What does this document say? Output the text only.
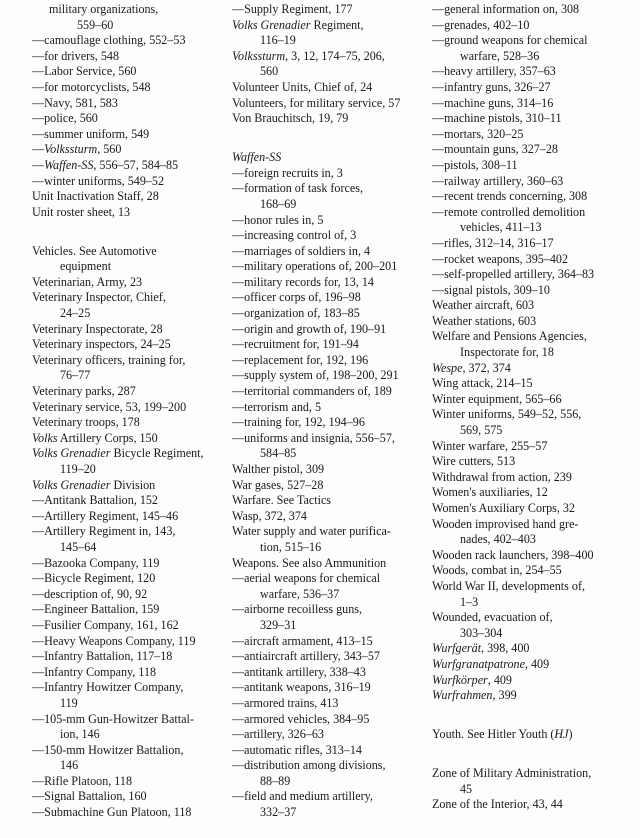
military organizations,
559–60

—camouflage clothing, 552–53

—for drivers, 548

—Labor Service, 560

—for motorcyclists, 548

—Navy, 581, 583

—police, 560

—summer uniform, 549

—Volkssturm, 560

—Waffen-SS, 556–57, 584–85

—winter uniforms, 549–52

Unit Inactivation Staff, 28

Unit roster sheet, 13

Vehicles. See Automotive
equipment

Veterinarian, Army, 23

Veterinary Inspector, Chief,
24–25

Veterinary Inspectorate, 28

Veterinary inspectors, 24–25

Veterinary officers, training for,
76–77

Veterinary parks, 287

Veterinary service, 53, 199–200

Veterinary troops, 178

Volks Artillery Corps, 150

Volks Grenadier Bicycle Regiment,
119–20

Volks Grenadier Division

—Antitank Battalion, 152

—Artillery Regiment, 145–46

—Artillery Regiment in, 143,
145–64

—Bazooka Company, 119

—Bicycle Regiment, 120

—description of, 90, 92

—Engineer Battalion, 159

—Fusilier Company, 161, 162

—Heavy Weapons Company, 119

—Infantry Battalion, 117–18

—Infantry Company, 118

—Infantry Howitzer Company,
119

—105-mm Gun-Howitzer Battal-
ion, 146

—150-mm Howitzer Battalion,
146

—Rifle Platoon, 118

—Signal Battalion, 160

—Submachine Gun Platoon, 118

—Supply Regiment, 177

Volks Grenadier Regiment,
116–19

Volkssturm, 3, 12, 174–75, 206,
560

Volunteer Units, Chief of, 24

Volunteers, for military service, 57

Von Brauchitsch, 19, 79

Waffen-SS

—foreign recruits in, 3

—formation of task forces,
168–69

—honor rules in, 5

—increasing control of, 3

—marriages of soldiers in, 4

—military operations of, 200–201

—military records for, 13, 14

—officer corps of, 196–98

—organization of, 183–85

—origin and growth of, 190–91

—recruitment for, 191–94

—replacement for, 192, 196

—supply system of, 198–200, 291

—territorial commanders of, 189

—terrorism and, 5

—training for, 192, 194–96

—uniforms and insignia, 556–57,
584–85

Walther pistol, 309

War gases, 527–28

Warfare. See Tactics

Wasp, 372, 374

Water supply and water purifica-
tion, 515–16

Weapons. See also Ammunition

—aerial weapons for chemical
warfare, 536–37

—airborne recoilless guns,
329–31

—aircraft armament, 413–15

—antiaircraft artillery, 343–57

—antitank artillery, 338–43

—antitank weapons, 316–19

—armored trains, 413

—armored vehicles, 384–95

—artillery, 326–63

—automatic rifles, 313–14

—distribution among divisions,
88–89

—field and medium artillery,
332–37

—general information on, 308

—grenades, 402–10

—ground weapons for chemical
warfare, 528–36

—heavy artillery, 357–63

—infantry guns, 326–27

—machine guns, 314–16

—machine pistols, 310–11

—mortars, 320–25

—mountain guns, 327–28

—pistols, 308–11

—railway artillery, 360–63

—recent trends concerning, 308

—remote controlled demolition
vehicles, 411–13

—rifles, 312–14, 316–17

—rocket weapons, 395–402

—self-propelled artillery, 364–83

—signal pistols, 309–10

Weather aircraft, 603

Weather stations, 603

Welfare and Pensions Agencies,
Inspectorate for, 18

Wespe, 372, 374

Wing attack, 214–15

Winter equipment, 565–66

Winter uniforms, 549–52, 556,
569, 575

Winter warfare, 255–57

Wire cutters, 513

Withdrawal from action, 239

Women's auxiliaries, 12

Women's Auxiliary Corps, 32

Wooden improvised hand gre-
nades, 402–403

Wooden rack launchers, 398–400

Woods, combat in, 254–55

World War II, developments of,
1–3

Wounded, evacuation of,
303–304

Wurfgerät, 398, 400

Wurfgranatpatrone, 409

Wurfkörper, 409

Wurfrahmen, 399

Youth. See Hitler Youth (HJ)

Zone of Military Administration,
45

Zone of the Interior, 43, 44
